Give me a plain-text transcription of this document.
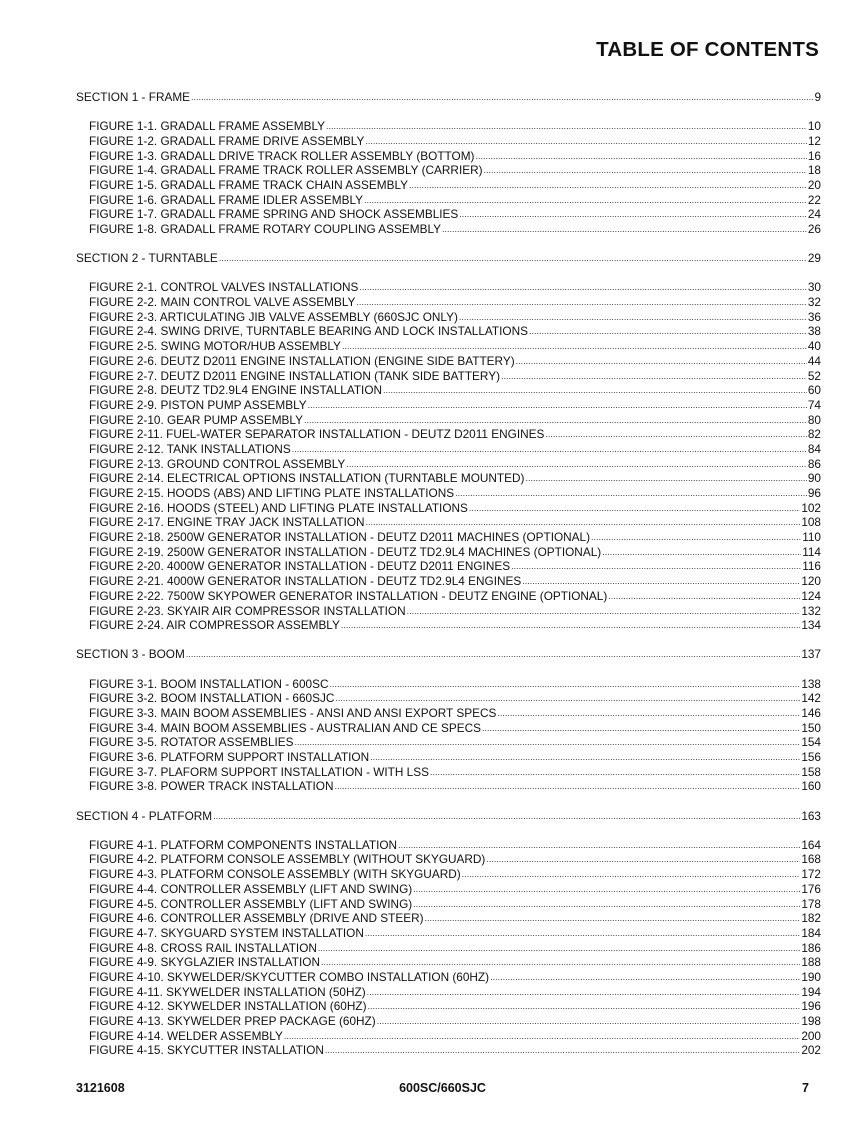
TABLE OF CONTENTS
SECTION 1 - FRAME .....	9
FIGURE 1-1. GRADALL FRAME ASSEMBLY .....	10
FIGURE 1-2. GRADALL FRAME DRIVE ASSEMBLY .....	12
FIGURE 1-3. GRADALL DRIVE TRACK ROLLER ASSEMBLY (BOTTOM) .....	16
FIGURE 1-4. GRADALL FRAME TRACK ROLLER ASSEMBLY (CARRIER) .....	18
FIGURE 1-5. GRADALL FRAME TRACK CHAIN ASSEMBLY .....	20
FIGURE 1-6. GRADALL FRAME IDLER ASSEMBLY .....	22
FIGURE 1-7. GRADALL FRAME SPRING AND SHOCK ASSEMBLIES .....	24
FIGURE 1-8. GRADALL FRAME ROTARY COUPLING ASSEMBLY .....	26
SECTION 2 - TURNTABLE .....	29
FIGURE 2-1. CONTROL VALVES INSTALLATIONS .....	30
FIGURE 2-2. MAIN CONTROL VALVE ASSEMBLY .....	32
FIGURE 2-3. ARTICULATING JIB VALVE ASSEMBLY (660SJC ONLY) .....	36
FIGURE 2-4. SWING DRIVE, TURNTABLE BEARING AND LOCK INSTALLATIONS .....	38
FIGURE 2-5. SWING MOTOR/HUB ASSEMBLY .....	40
FIGURE 2-6. DEUTZ D2011 ENGINE INSTALLATION (ENGINE SIDE BATTERY) .....	44
FIGURE 2-7. DEUTZ D2011 ENGINE INSTALLATION (TANK SIDE BATTERY) .....	52
FIGURE 2-8. DEUTZ TD2.9L4 ENGINE INSTALLATION .....	60
FIGURE 2-9. PISTON PUMP ASSEMBLY .....	74
FIGURE 2-10. GEAR PUMP ASSEMBLY .....	80
FIGURE 2-11. FUEL-WATER SEPARATOR INSTALLATION - DEUTZ D2011 ENGINES .....	82
FIGURE 2-12. TANK INSTALLATIONS .....	84
FIGURE 2-13. GROUND CONTROL ASSEMBLY .....	86
FIGURE 2-14. ELECTRICAL OPTIONS INSTALLATION (TURNTABLE MOUNTED) .....	90
FIGURE 2-15. HOODS (ABS) AND LIFTING PLATE INSTALLATIONS .....	96
FIGURE 2-16. HOODS (STEEL) AND LIFTING PLATE INSTALLATIONS .....	102
FIGURE 2-17. ENGINE TRAY JACK INSTALLATION .....	108
FIGURE 2-18. 2500W GENERATOR INSTALLATION - DEUTZ D2011 MACHINES (OPTIONAL) .....	110
FIGURE 2-19. 2500W GENERATOR INSTALLATION - DEUTZ TD2.9L4 MACHINES (OPTIONAL) .....	114
FIGURE 2-20. 4000W GENERATOR INSTALLATION - DEUTZ D2011 ENGINES .....	116
FIGURE 2-21. 4000W GENERATOR INSTALLATION - DEUTZ TD2.9L4 ENGINES .....	120
FIGURE 2-22. 7500W SKYPOWER GENERATOR INSTALLATION - DEUTZ ENGINE (OPTIONAL) .....	124
FIGURE 2-23. SKYAIR AIR COMPRESSOR INSTALLATION .....	132
FIGURE 2-24. AIR COMPRESSOR ASSEMBLY .....	134
SECTION 3 - BOOM .....	137
FIGURE 3-1. BOOM INSTALLATION - 600SC .....	138
FIGURE 3-2. BOOM INSTALLATION - 660SJC .....	142
FIGURE 3-3. MAIN BOOM ASSEMBLIES - ANSI AND ANSI EXPORT SPECS .....	146
FIGURE 3-4. MAIN BOOM ASSEMBLIES - AUSTRALIAN AND CE SPECS .....	150
FIGURE 3-5. ROTATOR ASSEMBLIES .....	154
FIGURE 3-6. PLATFORM SUPPORT INSTALLATION .....	156
FIGURE 3-7. PLAFORM SUPPORT INSTALLATION - WITH LSS .....	158
FIGURE 3-8. POWER TRACK INSTALLATION .....	160
SECTION 4 - PLATFORM .....	163
FIGURE 4-1. PLATFORM COMPONENTS INSTALLATION .....	164
FIGURE 4-2. PLATFORM CONSOLE ASSEMBLY (WITHOUT SKYGUARD) .....	168
FIGURE 4-3. PLATFORM CONSOLE ASSEMBLY (WITH SKYGUARD) .....	172
FIGURE 4-4. CONTROLLER ASSEMBLY (LIFT AND SWING) .....	176
FIGURE 4-5. CONTROLLER ASSEMBLY (LIFT AND SWING) .....	178
FIGURE 4-6. CONTROLLER ASSEMBLY (DRIVE AND STEER) .....	182
FIGURE 4-7. SKYGUARD SYSTEM INSTALLATION .....	184
FIGURE 4-8. CROSS RAIL INSTALLATION .....	186
FIGURE 4-9. SKYGLAZIER INSTALLATION .....	188
FIGURE 4-10. SKYWELDER/SKYCUTTER COMBO INSTALLATION (60HZ) .....	190
FIGURE 4-11. SKYWELDER INSTALLATION (50HZ) .....	194
FIGURE 4-12. SKYWELDER INSTALLATION (60HZ) .....	196
FIGURE 4-13. SKYWELDER PREP PACKAGE (60HZ) .....	198
FIGURE 4-14. WELDER ASSEMBLY .....	200
FIGURE 4-15. SKYCUTTER INSTALLATION .....	202
3121608	600SC/660SJC	7
